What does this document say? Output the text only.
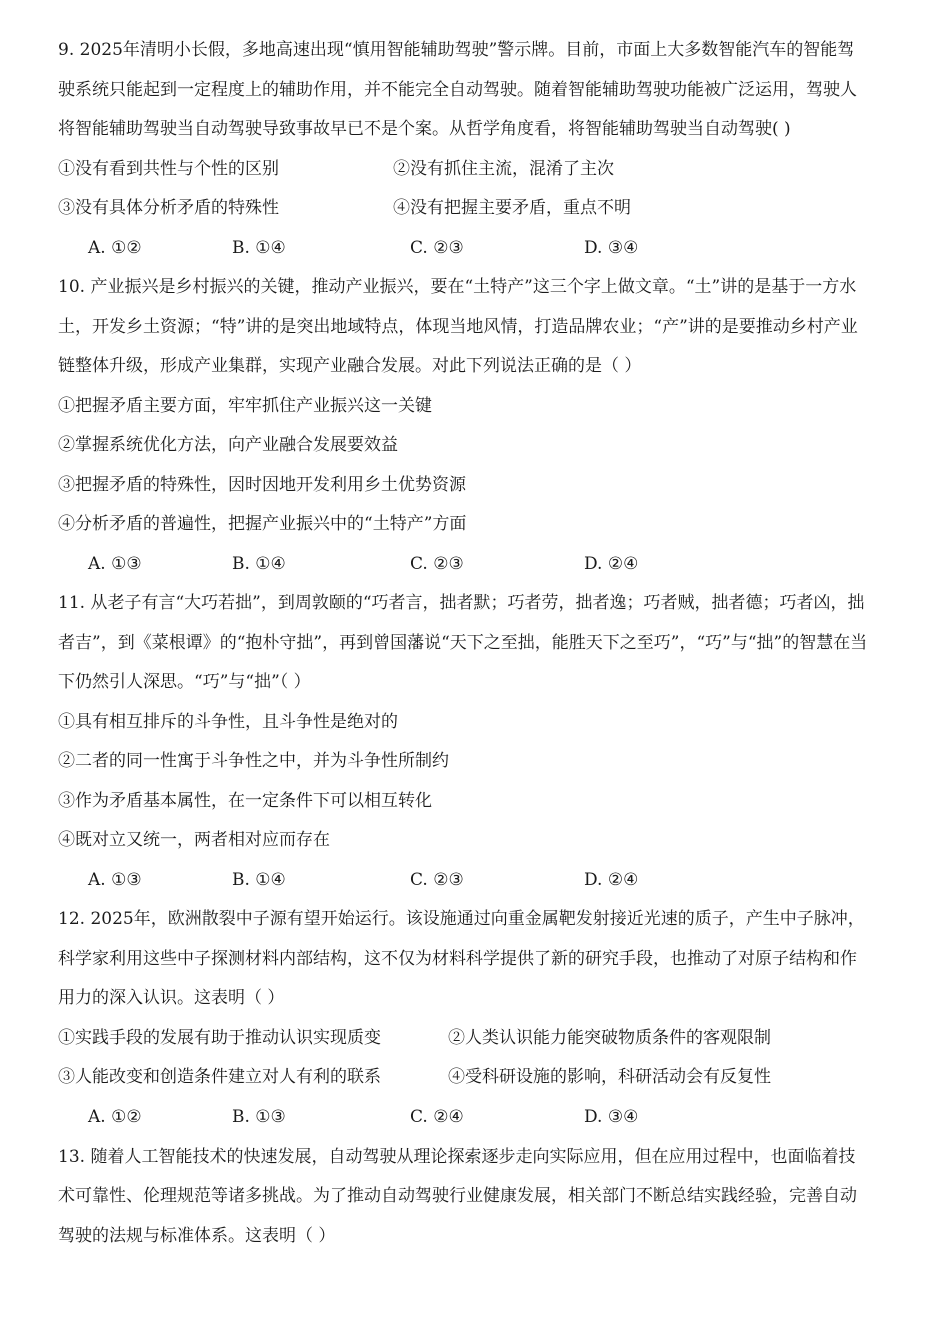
9. 2025年清明小长假，多地高速出现“慎用智能辅助驾驶”警示牌。目前，市面上大多数智能汽车的智能驾
驶系统只能起到一定程度上的辅助作用，并不能完全自动驾驶。随着智能辅助驾驶功能被广泛运用，驾驶人
将智能辅助驾驶当自动驾驶导致事故早已不是个案。从哲学角度看，将智能辅助驾驶当自动驾驶( )
①没有看到共性与个性的区别	②没有抓住主流，混淆了主次
③没有具体分析矛盾的特殊性	④没有把握主要矛盾，重点不明
A. ①②	B. ①④	C. ②③	D. ③④
10. 产业振兴是乡村振兴的关键，推动产业振兴，要在“土特产”这三个字上做文章。“土”讲的是基于一方水
土，开发乡土资源；“特”讲的是突出地域特点，体现当地风情，打造品牌农业；“产”讲的是要推动乡村产业
链整体升级，形成产业集群，实现产业融合发展。对此下列说法正确的是（ ）
①把握矛盾主要方面，牢牢抓住产业振兴这一关键
②掌握系统优化方法，向产业融合发展要效益
③把握矛盾的特殊性，因时因地开发利用乡土优势资源
④分析矛盾的普遍性，把握产业振兴中的“土特产”方面
A. ①③	B. ①④	C. ②③	D. ②④
11. 从老子有言“大巧若拙”，到周敦颐的“巧者言，拙者默；巧者劳，拙者逸；巧者贼，拙者德；巧者凶，拙
者吉”，到《菜根谭》的“抱朴守拙”，再到曾国藩说“天下之至拙，能胜天下之至巧”，“巧”与“拙”的智慧在当
下仍然引人深思。“巧”与“拙”（ ）
①具有相互排斥的斗争性，且斗争性是绝对的
②二者的同一性寓于斗争性之中，并为斗争性所制约
③作为矛盾基本属性，在一定条件下可以相互转化
④既对立又统一，两者相对应而存在
A. ①③	B. ①④	C. ②③	D. ②④
12. 2025年，欧洲散裂中子源有望开始运行。该设施通过向重金属靶发射接近光速的质子，产生中子脉冲，
科学家利用这些中子探测材料内部结构，这不仅为材料科学提供了新的研究手段，也推动了对原子结构和作
用力的深入认识。这表明（ ）
①实践手段的发展有助于推动认识实现质变	②人类认识能力能突破物质条件的客观限制
③人能改变和创造条件建立对人有利的联系	④受科研设施的影响，科研活动会有反复性
A. ①②	B. ①③	C. ②④	D. ③④
13. 随着人工智能技术的快速发展，自动驾驶从理论探索逐步走向实际应用，但在应用过程中，也面临着技
术可靠性、伦理规范等诸多挑战。为了推动自动驾驶行业健康发展，相关部门不断总结实践经验，完善自动
驾驶的法规与标准体系。这表明（ ）
